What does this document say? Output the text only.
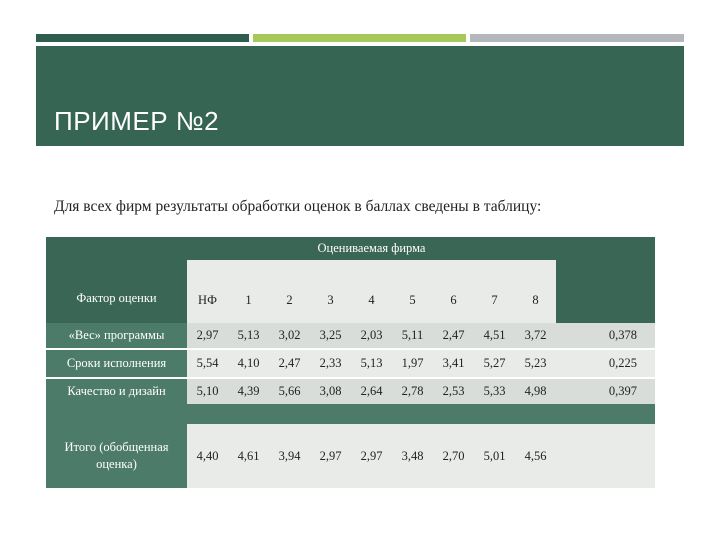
ПРИМЕР №2
Для всех фирм результаты обработки оценок в баллах сведены в таблицу:
	Оцениваемая фирма	

Фактор оценки	НФ	1	2	3	4	5	6	7	8	
«Вес» программы	2,97	5,13	3,02	3,25	2,03	5,11	2,47	4,51	3,72	0,378
Сроки исполнения	5,54	4,10	2,47	2,33	5,13	1,97	3,41	5,27	5,23	0,225
Качество и дизайн	5,10	4,39	5,66	3,08	2,64	2,78	2,53	5,33	4,98	0,397

Итого (обобщенная оценка)	4,40	4,61	3,94	2,97	2,97	3,48	2,70	5,01	4,56	
